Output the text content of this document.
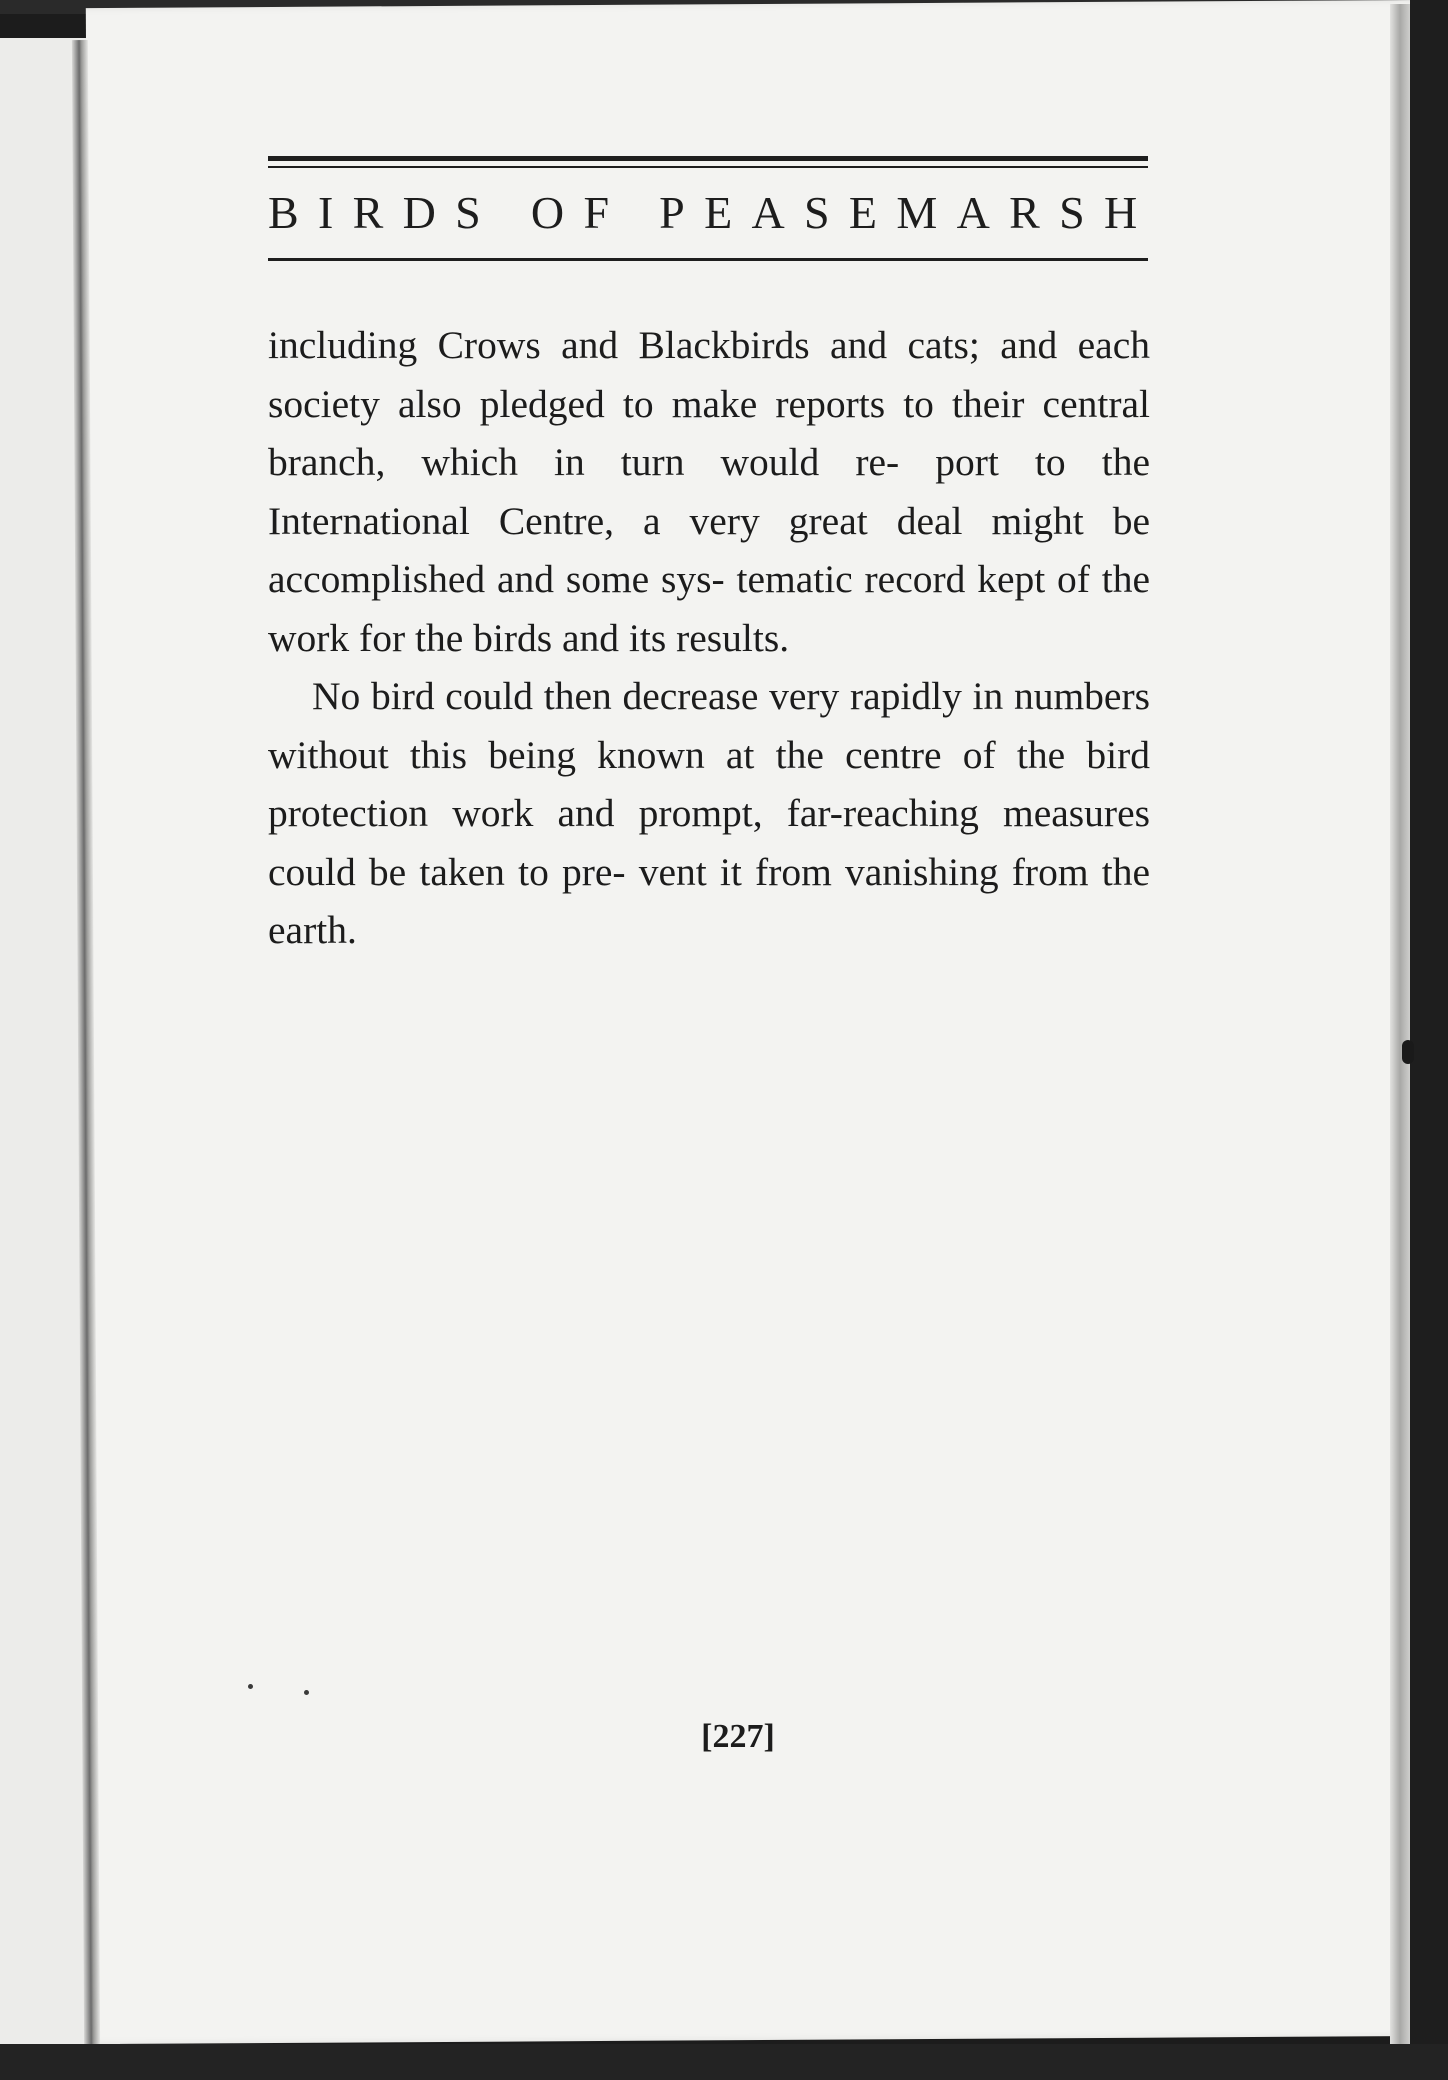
BIRDS OF PEASEMARSH

including Crows and Blackbirds and cats; and each society also pledged to make reports to their central branch, which in turn would re- port to the International Centre, a very great deal might be accomplished and some sys- tematic record kept of the work for the birds and its results.

No bird could then decrease very rapidly in numbers without this being known at the centre of the bird protection work and prompt, far-reaching measures could be taken to pre- vent it from vanishing from the earth.

[227]
